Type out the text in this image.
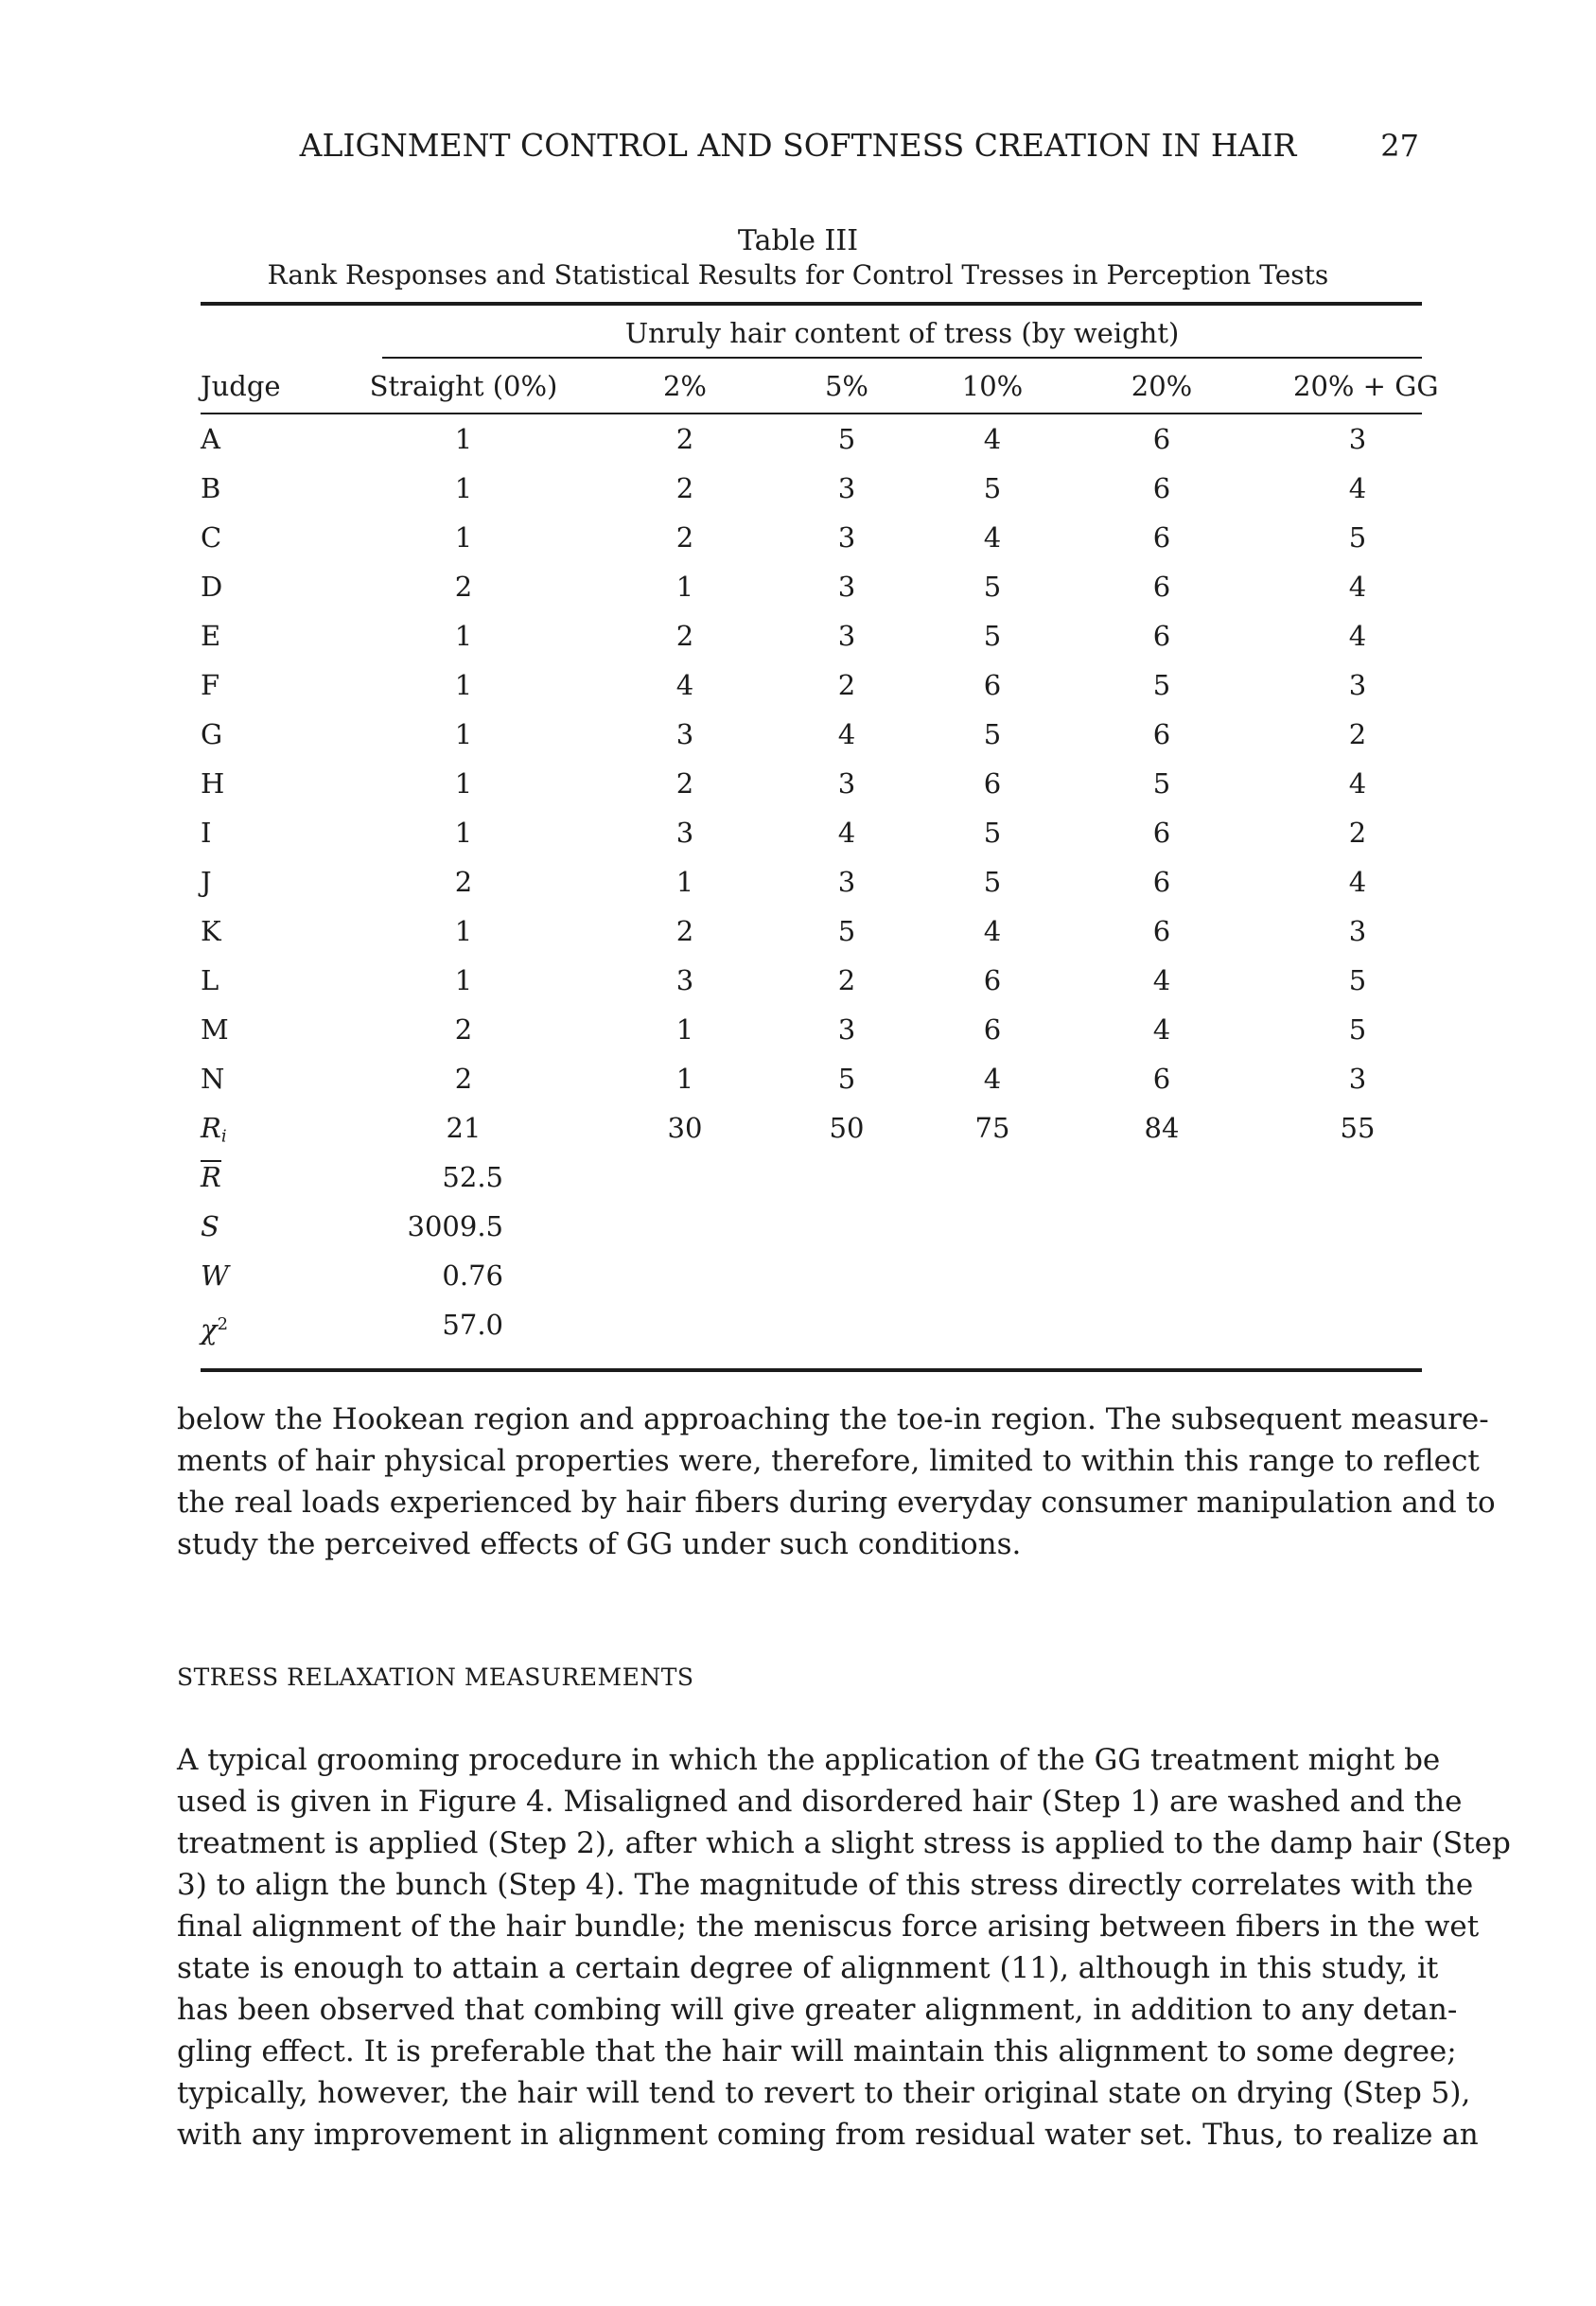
ALIGNMENT CONTROL AND SOFTNESS CREATION IN HAIR	27
Table III
Rank Responses and Statistical Results for Control Tresses in Perception Tests
Unruly hair content of tress (by weight)
Judge	Straight (0%)	2%	5%	10%	20%	20% + GG
A	1	2	5	4	6	3
B	1	2	3	5	6	4
C	1	2	3	4	6	5
D	2	1	3	5	6	4
E	1	2	3	5	6	4
F	1	4	2	6	5	3
G	1	3	4	5	6	2
H	1	2	3	6	5	4
I	1	3	4	5	6	2
J	2	1	3	5	6	4
K	1	2	5	4	6	3
L	1	3	2	6	4	5
M	2	1	3	6	4	5
N	2	1	5	4	6	3
$R_i$	21	30	50	75	84	55
R	52.5
S	3009.5
W	0.76
$\chi^2$	57.0
below the Hookean region and approaching the toe-in region. The subsequent measure-
ments of hair physical properties were, therefore, limited to within this range to reflect
the real loads experienced by hair fibers during everyday consumer manipulation and to
study the perceived effects of GG under such conditions.
STRESS RELAXATION MEASUREMENTS
A typical grooming procedure in which the application of the GG treatment might be
used is given in Figure 4. Misaligned and disordered hair (Step 1) are washed and the
treatment is applied (Step 2), after which a slight stress is applied to the damp hair (Step
3) to align the bunch (Step 4). The magnitude of this stress directly correlates with the
final alignment of the hair bundle; the meniscus force arising between fibers in the wet
state is enough to attain a certain degree of alignment (11), although in this study, it
has been observed that combing will give greater alignment, in addition to any detan-
gling effect. It is preferable that the hair will maintain this alignment to some degree;
typically, however, the hair will tend to revert to their original state on drying (Step 5),
with any improvement in alignment coming from residual water set. Thus, to realize an
